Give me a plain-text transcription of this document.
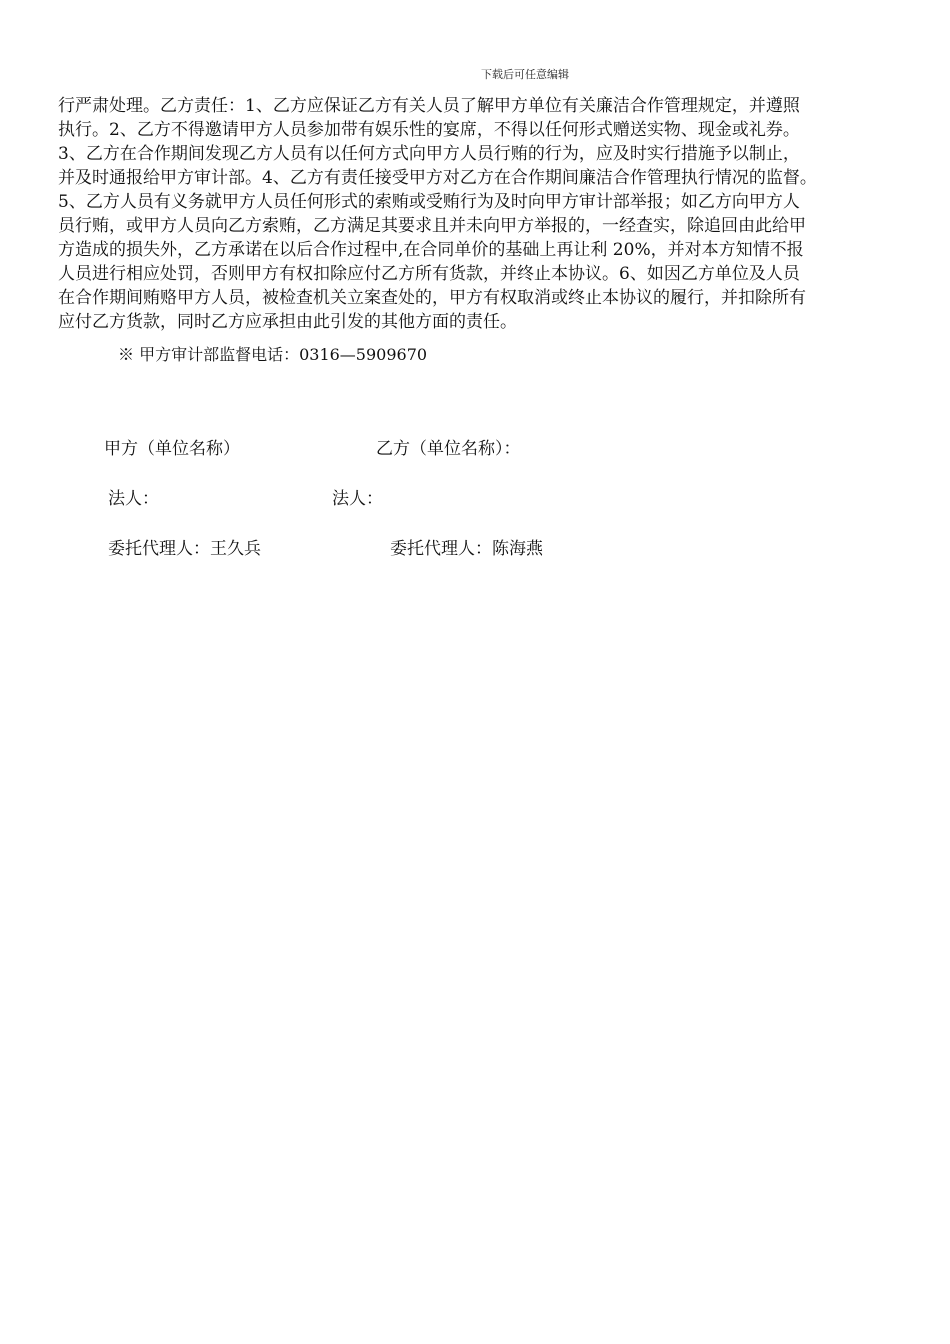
下载后可任意编辑
行严肃处理。乙方责任：1、乙方应保证乙方有关人员了解甲方单位有关廉洁合作管理规定，并遵照
执行。2、乙方不得邀请甲方人员参加带有娱乐性的宴席，不得以任何形式赠送实物、现金或礼券。
3、乙方在合作期间发现乙方人员有以任何方式向甲方人员行贿的行为，应及时实行措施予以制止，
并及时通报给甲方审计部。4、乙方有责任接受甲方对乙方在合作期间廉洁合作管理执行情况的监督。
5、乙方人员有义务就甲方人员任何形式的索贿或受贿行为及时向甲方审计部举报；如乙方向甲方人
员行贿，或甲方人员向乙方索贿，乙方满足其要求且并未向甲方举报的，一经查实，除追回由此给甲
方造成的损失外，乙方承诺在以后合作过程中,在合同单价的基础上再让利 20%，并对本方知情不报
人员进行相应处罚，否则甲方有权扣除应付乙方所有货款，并终止本协议。6、如因乙方单位及人员
在合作期间贿赂甲方人员，被检查机关立案查处的，甲方有权取消或终止本协议的履行，并扣除所有
应付乙方货款，同时乙方应承担由此引发的其他方面的责任。
※ 甲方审计部监督电话：0316—5909670
甲方（单位名称）	乙方（单位名称）：
法人：	法人：
委托代理人：王久兵	委托代理人：陈海燕
